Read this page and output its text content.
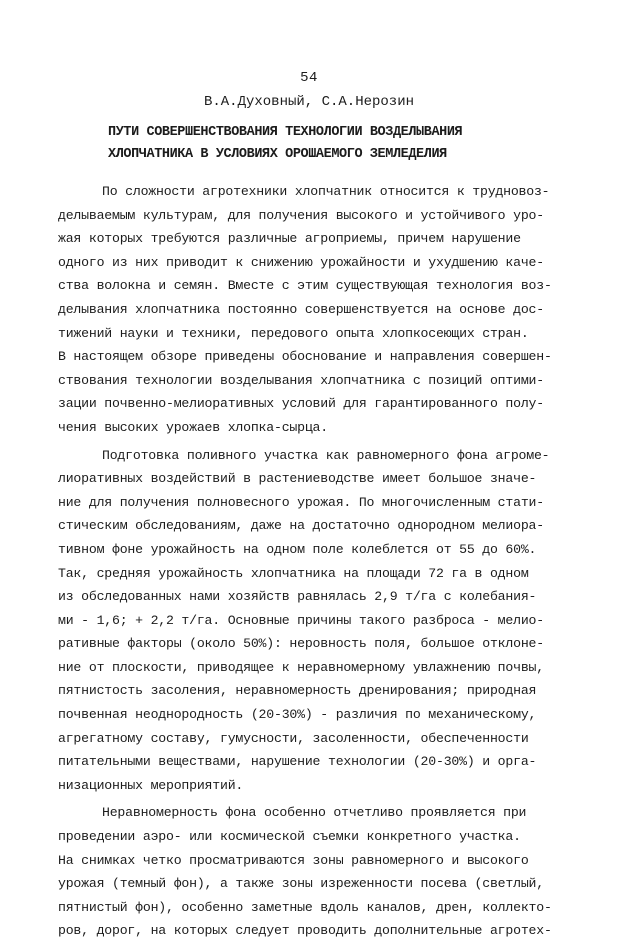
54
В.А.Духовный, С.А.Нерозин
ПУТИ СОВЕРШЕНСТВОВАНИЯ ТЕХНОЛОГИИ ВОЗДЕЛЫВАНИЯ
ХЛОПЧАТНИКА В УСЛОВИЯХ ОРОШАЕМОГО ЗЕМЛЕДЕЛИЯ
По сложности агротехники хлопчатник относится к трудновоз-
делываемым культурам, для получения высокого и устойчивого уро-
жая которых требуются различные агроприемы, причем нарушение
одного из них приводит к снижению урожайности и ухудшению каче-
ства волокна и семян. Вместе с этим существующая технология воз-
делывания хлопчатника постоянно совершенствуется на основе дос-
тижений науки и техники, передового опыта хлопкосеющих стран.
В настоящем обзоре приведены обоснование и направления совершен-
ствования технологии возделывания хлопчатника с позиций оптими-
зации почвенно-мелиоративных условий для гарантированного полу-
чения высоких урожаев хлопка-сырца.
Подготовка поливного участка как равномерного фона агроме-
лиоративных воздействий в растениеводстве имеет большое значе-
ние для получения полновесного урожая. По многочисленным стати-
стическим обследованиям, даже на достаточно однородном мелиора-
тивном фоне урожайность на одном поле колеблется от 55 до 60%.
Так, средняя урожайность хлопчатника на площади 72 га в одном
из обследованных нами хозяйств равнялась 2,9 т/га с колебания-
ми - 1,6; + 2,2 т/га. Основные причины такого разброса - мелио-
ративные факторы (около 50%): неровность поля, большое отклоне-
ние от плоскости, приводящее к неравномерному увлажнению почвы,
пятнистость засоления, неравномерность дренирования; природная
почвенная неоднородность (20-30%) - различия по механическому,
агрегатному составу, гумусности, засоленности, обеспеченности
питательными веществами, нарушение технологии (20-30%) и орга-
низационных мероприятий.
Неравномерность фона особенно отчетливо проявляется при
проведении аэро- или космической съемки конкретного участка.
На снимках четко просматриваются зоны равномерного и высокого
урожая (темный фон), а также зоны изреженности посева (светлый,
пятнистый фон), особенно заметные вдоль каналов, дрен, коллекто-
ров, дорог, на которых следует проводить дополнительные агротех-
